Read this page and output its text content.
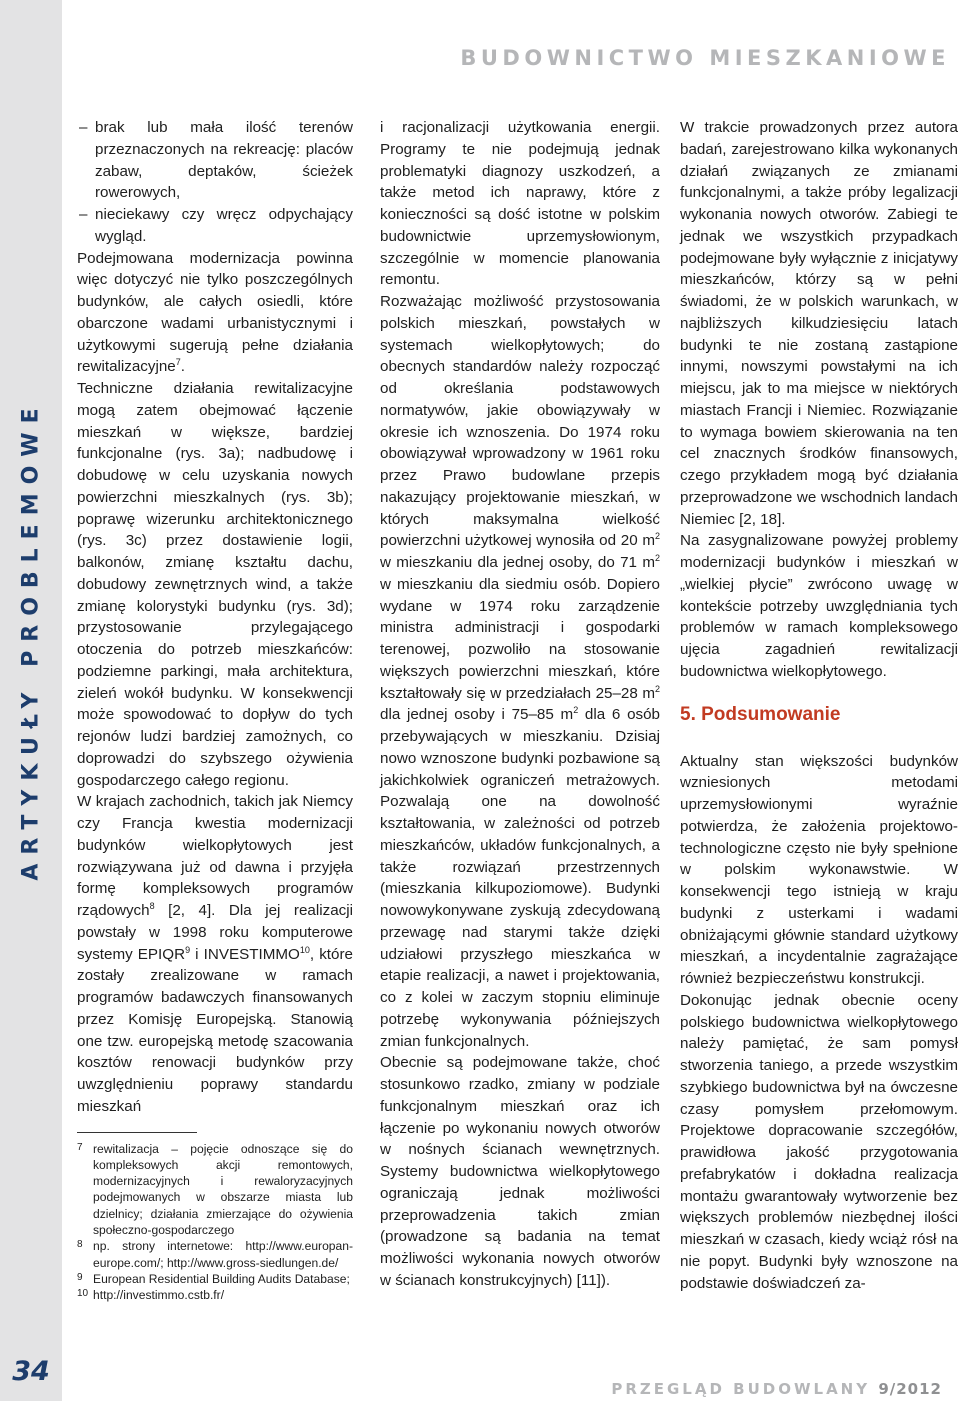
ARTYKUŁY PROBLEMOWE
34
BUDOWNICTWO MIESZKANIOWE

– brak lub mała ilość terenów przeznaczonych na rekreację: placów zabaw, deptaków, ścieżek rowerowych,

– nieciekawy czy wręcz odpychający wygląd.

Podejmowana modernizacja powinna więc dotyczyć nie tylko poszczególnych budynków, ale całych osiedli, które obarczone wadami urbanistycznymi i użytkowymi sugerują pełne działania rewitalizacyjne$^7$.

Techniczne działania rewitalizacyjne mogą zatem obejmować łączenie mieszkań w większe, bardziej funkcjonalne (rys. 3a); nadbudowę i dobudowę w celu uzyskania nowych powierzchni mieszkalnych (rys. 3b); poprawę wizerunku architektonicznego (rys. 3c) przez dostawienie logii, balkonów, zmianę kształtu dachu, dobudowy zewnętrznych wind, a także zmianę kolorystyki budynku (rys. 3d); przystosowanie przylegającego otoczenia do potrzeb mieszkańców: podziemne parkingi, mała architektura, zieleń wokół budynku. W konsekwencji może spowodować to dopływ do tych rejonów ludzi bardziej zamożnych, co doprowadzi do szybszego ożywienia gospodarczego całego regionu.

W krajach zachodnich, takich jak Niemcy czy Francja kwestia modernizacji budynków wielkopłytowych jest rozwiązywana już od dawna i przyjęła formę kompleksowych programów rządowych$^8$ [2, 4]. Dla jej realizacji powstały w 1998 roku komputerowe systemy EPIQR$^9$ i INVESTIMMO$^{10}$, które zostały zrealizowane w ramach programów badawczych finansowanych przez Komisję Europejską. Stanowią one tzw. europejską metodę szacowania kosztów renowacji budynków przy uwzględnieniu poprawy standardu mieszkań

7 rewitalizacja – pojęcie odnoszące się do kompleksowych akcji remontowych, modernizacyjnych i rewaloryzacyjnych podejmowanych w obszarze miasta lub dzielnicy; działania zmierzające do ożywienia społeczno-gospodarczego

8 np. strony internetowe: http://www.europan-europe.com/; http://www.gross-siedlungen.de/

9 European Residential Building Audits Database;

10 http://investimmo.cstb.fr/

i racjonalizacji użytkowania energii. Programy te nie podejmują jednak problematyki diagnozy uszkodzeń, a także metod ich naprawy, które z konieczności są dość istotne w polskim budownictwie uprzemysłowionym, szczególnie w momencie planowania remontu.

Rozważając możliwość przystosowania polskich mieszkań, powstałych w systemach wielkopłytowych; do obecnych standardów należy rozpocząć od określania podstawowych normatywów, jakie obowiązywały w okresie ich wznoszenia. Do 1974 roku obowiązywał wprowadzony w 1961 roku przez Prawo budowlane przepis nakazujący projektowanie mieszkań, w których maksymalna wielkość powierzchni użytkowej wynosiła od 20 $m^2$ w mieszkaniu dla jednej osoby, do 71 $m^2$ w mieszkaniu dla siedmiu osób. Dopiero wydane w 1974 roku zarządzenie ministra administracji i gospodarki terenowej, pozwoliło na stosowanie większych powierzchni mieszkań, które kształtowały się w przedziałach 25–28 $m^2$ dla jednej osoby i 75–85 $m^2$ dla 6 osób przebywających w mieszkaniu. Dzisiaj nowo wznoszone budynki pozbawione są jakichkolwiek ograniczeń metrażowych. Pozwalają one na dowolność kształtowania, w zależności od potrzeb mieszkańców, układów funkcjonalnych, a także rozwiązań przestrzennych (mieszkania kilkupoziomowe). Budynki nowowykonywane zyskują zdecydowaną przewagę nad starymi także dzięki udziałowi przyszłego mieszkańca w etapie realizacji, a nawet i projektowania, co z kolei w zaczym stopniu eliminuje potrzebę wykonywania późniejszych zmian funkcjonalnych.

Obecnie są podejmowane także, choć stosunkowo rzadko, zmiany w podziale funkcjonalnym mieszkań oraz ich łączenie po wykonaniu nowych otworów w nośnych ścianach wewnętrznych. Systemy budownictwa wielkopłytowego ograniczają jednak możliwości przeprowadzenia takich zmian (prowadzone są badania na temat możliwości wykonania nowych otworów w ścianach konstrukcyjnych) [11]).

W trakcie prowadzonych przez autora badań, zarejestrowano kilka wykonanych działań związanych ze zmianami funkcjonalnymi, a także próby legalizacji wykonania nowych otworów. Zabiegi te jednak we wszystkich przypadkach podejmowane były wyłącznie z inicjatywy mieszkańców, którzy są w pełni świadomi, że w polskich warunkach, w najbliższych kilkudziesięciu latach budynki te nie zostaną zastąpione innymi, nowszymi powstałymi na ich miejscu, jak to ma miejsce w niektórych miastach Francji i Niemiec. Rozwiązanie to wymaga bowiem skierowania na ten cel znacznych środków finansowych, czego przykładem mogą być działania przeprowadzone we wschodnich landach Niemiec [2, 18].

Na zasygnalizowane powyżej problemy modernizacji budynków i mieszkań w „wielkiej płycie” zwrócono uwagę w kontekście potrzeby uwzględniania tych problemów w ramach kompleksowego ujęcia zagadnień rewitalizacji budownictwa wielkopłytowego.

5. Podsumowanie

Aktualny stan większości budynków wzniesionych metodami uprzemysłowionymi wyraźnie potwierdza, że założenia projektowo-technologiczne często nie były spełnione w polskim wykonawstwie. W konsekwencji tego istnieją w kraju budynki z usterkami i wadami obniżającymi głównie standard użytkowy mieszkań, a incydentalnie zagrażające również bezpieczeństwu konstrukcji.

Dokonując jednak obecnie oceny polskiego budownictwa wielkopłytowego należy pamiętać, że sam pomysł stworzenia taniego, a przede wszystkim szybkiego budownictwa był na ówczesne czasy pomysłem przełomowym. Projektowe dopracowanie szczegółów, prawidłowa jakość przygotowania prefabrykatów i dokładna realizacja montażu gwarantowały wytworzenie bez większych problemów niezbędnej ilości mieszkań w czasach, kiedy wciąż rósł na nie popyt. Budynki były wznoszone na podstawie doświadczeń za-

PRZEGLĄD BUDOWLANY 9/2012
